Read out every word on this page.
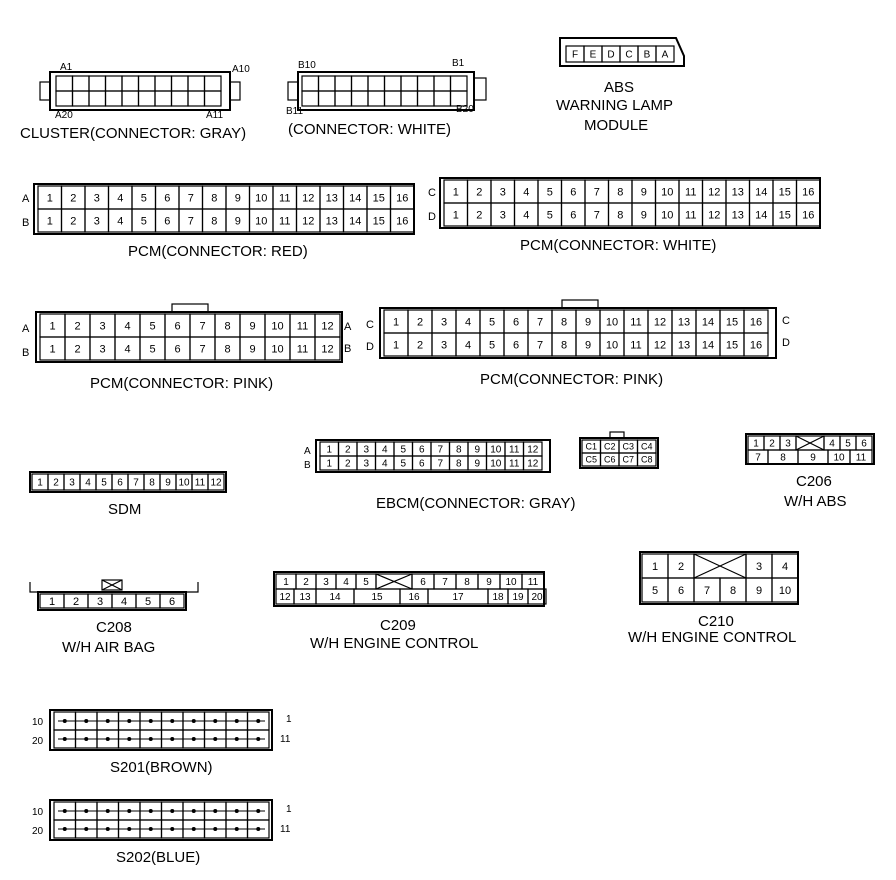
A1	A10
A20	A11
CLUSTER(CONNECTOR: GRAY)
B10	B1
B11	B20
(CONNECTOR: WHITE)
F E D C B A
ABS
WARNING LAMP
MODULE
1 2 3 4 5 6 7 8 9 10 11 12 13 14 15 16
1 2 3 4 5 6 7 8 9 10 11 12 13 14 15 16
A
B
PCM(CONNECTOR: RED)
1 2 3 4 5 6 7 8 9 10 11 12 13 14 15 16
1 2 3 4 5 6 7 8 9 10 11 12 13 14 15 16
C
D
PCM(CONNECTOR: WHITE)
1 2 3 4 5 6 7 8 9 10 11 12
1 2 3 4 5 6 7 8 9 10 11 12
A
B
A
B
PCM(CONNECTOR: PINK)
1 2 3 4 5 6 7 8 9 10 11 12 13 14 15 16
1 2 3 4 5 6 7 8 9 10 11 12 13 14 15 16
C
D
C
D
PCM(CONNECTOR: PINK)
1 2 3 4 5 6 7 8 9 10 11 12
1 2 3 4 5 6 7 8 9 10 11 12
A
B
EBCM(CONNECTOR: GRAY)
C1 C2 C3 C4
C5 C6 C7 C8
1 2 3	4 5 6
7 8 9 10 11
C206
W/H ABS
1 2 3 4 5 6 7 8 9 10 11 12
SDM
1 2 3 4 5 6
C208
W/H AIR BAG
1 2 3 4 5	6 7 8 9 10 11
12 13 14	15	16	17	18 19 20
C209
W/H ENGINE CONTROL
1 2	3 4
5 6 7 8 9 10
C210
W/H ENGINE CONTROL
10	1
20	11
S201(BROWN)
10	1
20	11
S202(BLUE)
